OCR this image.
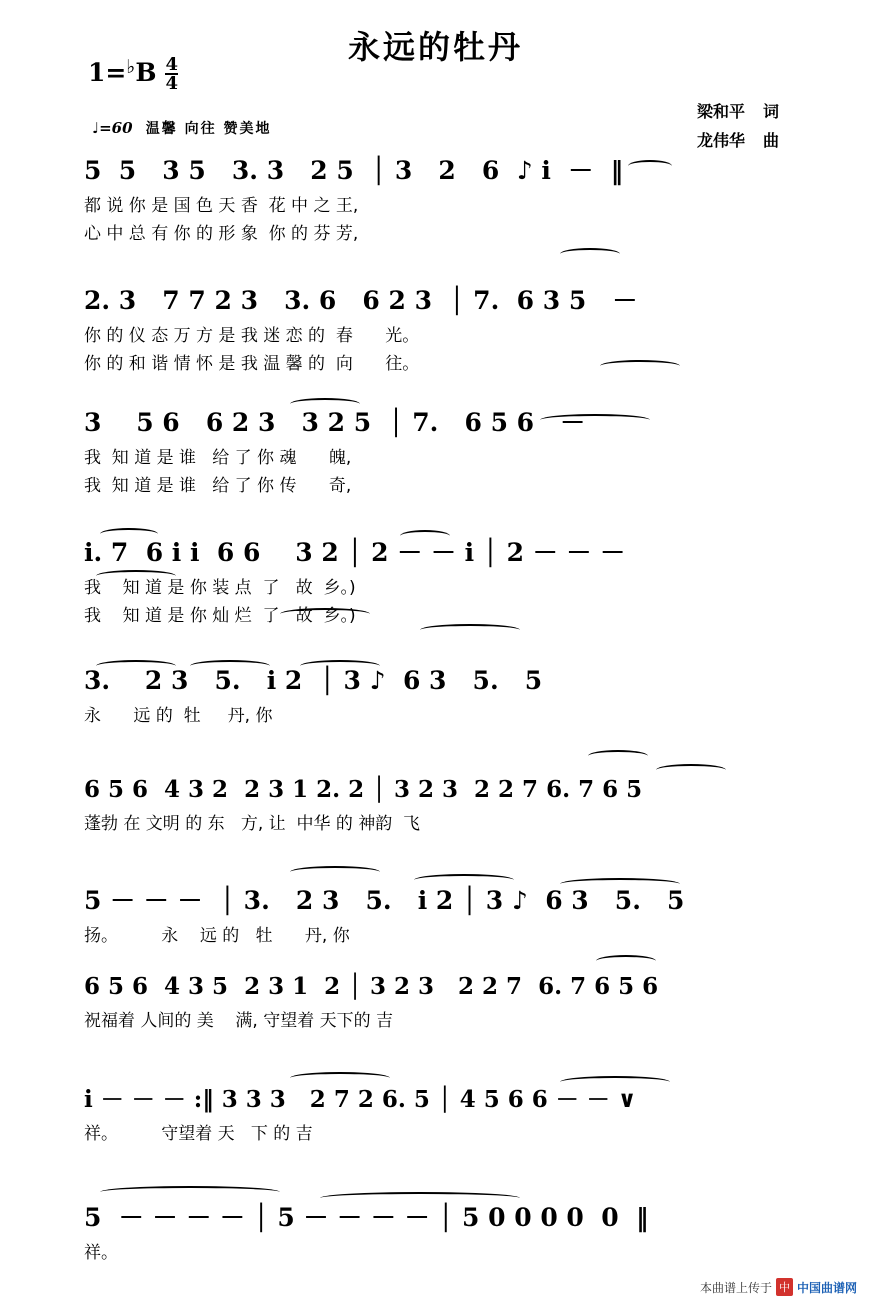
永远的牡丹
1= ♭ B $\frac{4}{4}$
♩=60 温馨 向往 赞美地
梁和平 词
龙伟华 曲
5  5   3 5   3. 3   2 5  │ 3   2   6  ♪ i  －  ‖
都 说 你 是 国 色 天 香  花 中 之 王,
心 中 总 有 你 的 形 象  你 的 芬 芳,
2. 3   7 7 2 3   3. 6   6 2 3  │ 7.  6 3 5   －
你 的 仪 态 万 方 是 我 迷 恋 的  春      光。
你 的 和 谐 情 怀 是 我 温 馨 的  向      往。
3    5 6   6 2 3   3 2 5  │ 7.   6 5 6   －
我  知 道 是 谁   给 了 你 魂      魄,
我  知 道 是 谁   给 了 你 传      奇,
i. 7  6 i i  6 6    3 2 │ 2 － － i │ 2 － － －
我    知 道 是 你 装 点  了   故  乡。)
我    知 道 是 你 灿 烂  了   故  乡。)
3.    2 3   5.   i 2  │ 3 ♪  6 3   5.   5
永      远 的  牡     丹, 你
6 5 6  4 3 2  2 3 1 2. 2 │ 3 2 3  2 2 7 6. 7 6 5
蓬勃 在 文明 的 东   方, 让  中华 的 神韵  飞
5 － － －  │ 3.   2 3   5.   i 2 │ 3 ♪  6 3   5.   5
扬。        永    远 的   牡      丹, 你
6 5 6  4 3 5  2 3 1  2 │ 3 2 3   2 2 7  6. 7 6 5 6
祝福着 人间的 美    满, 守望着 天下的 吉
i － － － :‖ 3 3 3   2 7 2 6. 5 │ 4 5 6 6 － － ∨
祥。        守望着 天   下 的 吉
5  － － － － │ 5 － － － － │ 5 0 0 0 0  0  ‖
祥。
本曲谱上传于 中 中国曲谱网
